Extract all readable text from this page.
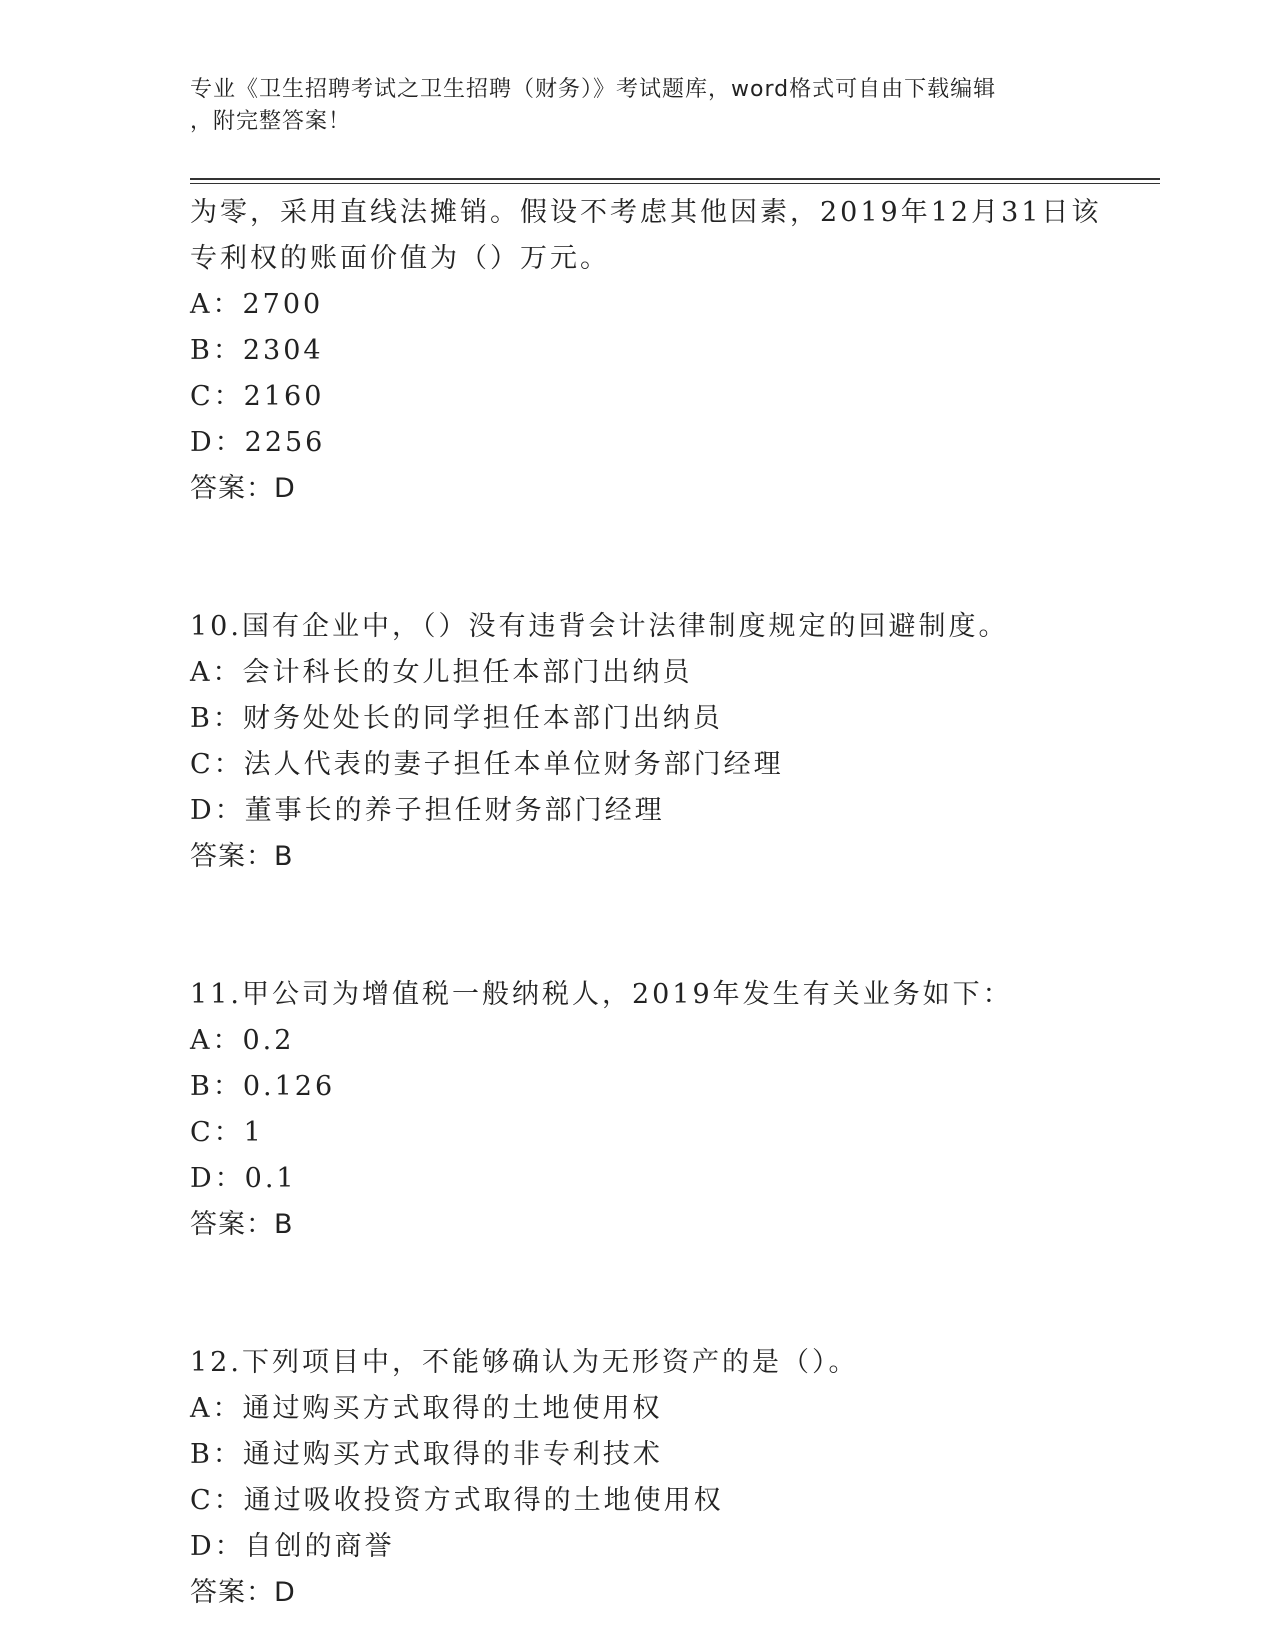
专业《卫生招聘考试之卫生招聘（财务）》考试题库，word格式可自由下载编辑
，附完整答案！
为零，采用直线法摊销。假设不考虑其他因素，2019年12月31日该
专利权的账面价值为（）万元。
A：2700
B：2304
C：2160
D：2256
答案：D
10.国有企业中，（）没有违背会计法律制度规定的回避制度。
A：会计科长的女儿担任本部门出纳员
B：财务处处长的同学担任本部门出纳员
C：法人代表的妻子担任本单位财务部门经理
D：董事长的养子担任财务部门经理
答案：B
11.甲公司为增值税一般纳税人，2019年发生有关业务如下：
A：0.2
B：0.126
C：1
D：0.1
答案：B
12.下列项目中，不能够确认为无形资产的是（）。
A：通过购买方式取得的土地使用权
B：通过购买方式取得的非专利技术
C：通过吸收投资方式取得的土地使用权
D：自创的商誉
答案：D
